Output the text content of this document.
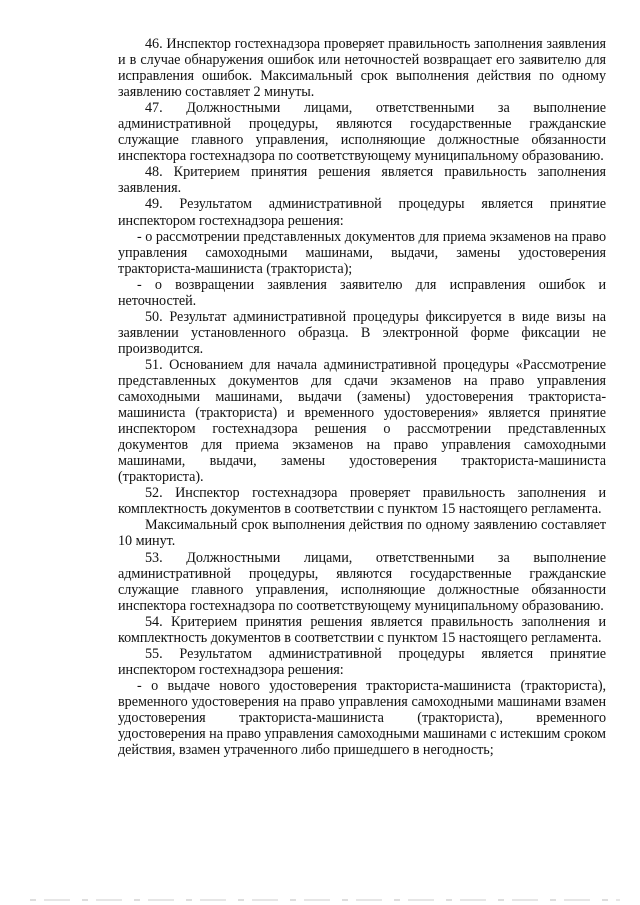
46. Инспектор гостехнадзора проверяет правильность заполнения заявления и в случае обнаружения ошибок или неточностей возвращает его заявителю для исправления ошибок. Максимальный срок выполнения действия по одному заявлению составляет 2 минуты.

47. Должностными лицами, ответственными за выполнение административной процедуры, являются государственные гражданские служащие главного управления, исполняющие должностные обязанности инспектора гостехнадзора по соответствующему муниципальному образованию.

48. Критерием принятия решения является правильность заполнения заявления.

49. Результатом административной процедуры является принятие инспектором гостехнадзора решения:

- о рассмотрении представленных документов для приема экзаменов на право управления самоходными машинами, выдачи, замены удостоверения тракториста-машиниста (тракториста);

- о возвращении заявления заявителю для исправления ошибок и неточностей.

50. Результат административной процедуры фиксируется в виде визы на заявлении установленного образца. В электронной форме фиксации не производится.

51. Основанием для начала административной процедуры «Рассмотрение представленных документов для сдачи экзаменов на право управления самоходными машинами, выдачи (замены) удостоверения тракториста-машиниста (тракториста) и временного удостоверения» является принятие инспектором гостехнадзора решения о рассмотрении представленных документов для приема экзаменов на право управления самоходными машинами, выдачи, замены удостоверения тракториста-машиниста (тракториста).

52. Инспектор гостехнадзора проверяет правильность заполнения и комплектность документов в соответствии с пунктом 15 настоящего регламента.

Максимальный срок выполнения действия по одному заявлению составляет 10 минут.

53. Должностными лицами, ответственными за выполнение административной процедуры, являются государственные гражданские служащие главного управления, исполняющие должностные обязанности инспектора гостехнадзора по соответствующему муниципальному образованию.

54. Критерием принятия решения является правильность заполнения и комплектность документов в соответствии с пунктом 15 настоящего регламента.

55. Результатом административной процедуры является принятие инспектором гостехнадзора решения:

- о выдаче нового удостоверения тракториста-машиниста (тракториста), временного удостоверения на право управления самоходными машинами взамен удостоверения тракториста-машиниста (тракториста), временного удостоверения на право управления самоходными машинами с истекшим сроком действия, взамен утраченного либо пришедшего в негодность;
